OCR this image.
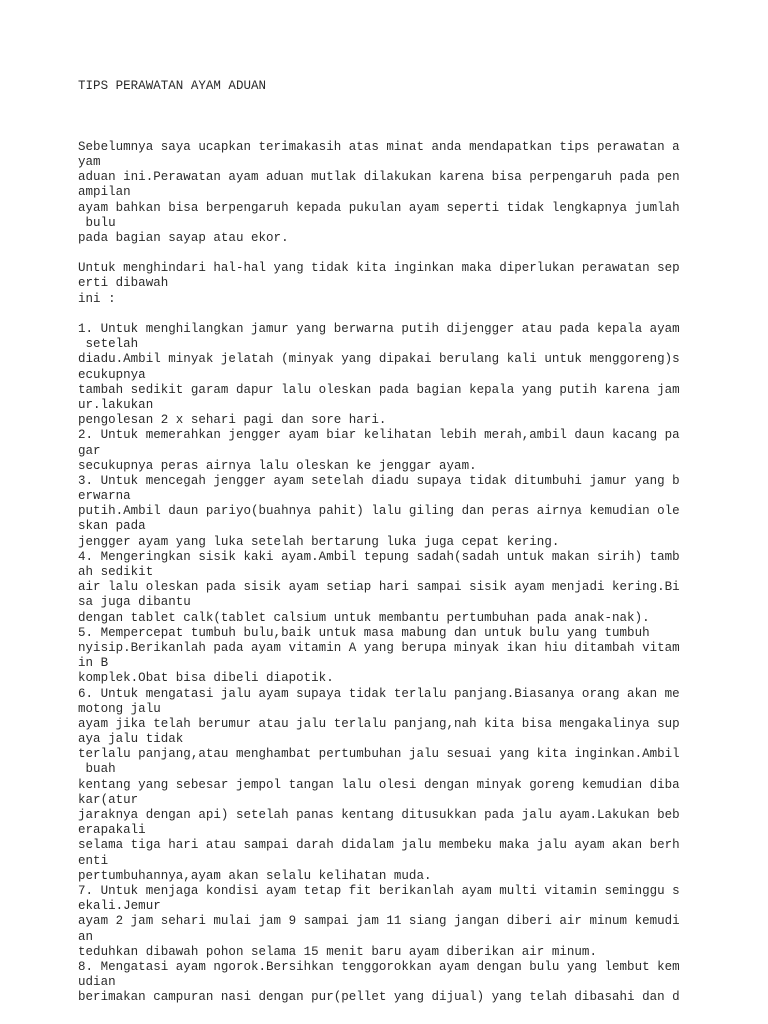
TIPS PERAWATAN AYAM ADUAN
Sebelumnya saya ucapkan terimakasih atas minat anda mendapatkan tips perawatan a
yam
aduan ini.Perawatan ayam aduan mutlak dilakukan karena bisa perpengaruh pada pen
ampilan
ayam bahkan bisa berpengaruh kepada pukulan ayam seperti tidak lengkapnya jumlah
bulu
pada bagian sayap atau ekor.
Untuk menghindari hal-hal yang tidak kita inginkan maka diperlukan perawatan sep
erti dibawah
ini :
1. Untuk menghilangkan jamur yang berwarna putih dijengger atau pada kepala ayam
setelah
diadu.Ambil minyak jelatah (minyak yang dipakai berulang kali untuk menggoreng)s
ecukupnya
tambah sedikit garam dapur lalu oleskan pada bagian kepala yang putih karena jam
ur.lakukan
pengolesan 2 x sehari pagi dan sore hari.
2. Untuk memerahkan jengger ayam biar kelihatan lebih merah,ambil daun kacang pa
gar
secukupnya peras airnya lalu oleskan ke jenggar ayam.
3. Untuk mencegah jengger ayam setelah diadu supaya tidak ditumbuhi jamur yang b
erwarna
putih.Ambil daun pariyo(buahnya pahit) lalu giling dan peras airnya kemudian ole
skan pada
jengger ayam yang luka setelah bertarung luka juga cepat kering.
4. Mengeringkan sisik kaki ayam.Ambil tepung sadah(sadah untuk makan sirih) tamb
ah sedikit
air lalu oleskan pada sisik ayam setiap hari sampai sisik ayam menjadi kering.Bi
sa juga dibantu
dengan tablet calk(tablet calsium untuk membantu pertumbuhan pada anak-nak).
5. Mempercepat tumbuh bulu,baik untuk masa mabung dan untuk bulu yang tumbuh
nyisip.Berikanlah pada ayam vitamin A yang berupa minyak ikan hiu ditambah vitam
in B
komplek.Obat bisa dibeli diapotik.
6. Untuk mengatasi jalu ayam supaya tidak terlalu panjang.Biasanya orang akan me
motong jalu
ayam jika telah berumur atau jalu terlalu panjang,nah kita bisa mengakalinya sup
aya jalu tidak
terlalu panjang,atau menghambat pertumbuhan jalu sesuai yang kita inginkan.Ambil
buah
kentang yang sebesar jempol tangan lalu olesi dengan minyak goreng kemudian diba
kar(atur
jaraknya dengan api) setelah panas kentang ditusukkan pada jalu ayam.Lakukan beb
erapakali
selama tiga hari atau sampai darah didalam jalu membeku maka jalu ayam akan berh
enti
pertumbuhannya,ayam akan selalu kelihatan muda.
7. Untuk menjaga kondisi ayam tetap fit berikanlah ayam multi vitamin seminggu s
ekali.Jemur
ayam 2 jam sehari mulai jam 9 sampai jam 11 siang jangan diberi air minum kemudi
an
teduhkan dibawah pohon selama 15 menit baru ayam diberikan air minum.
8. Mengatasi ayam ngorok.Bersihkan tenggorokkan ayam dengan bulu yang lembut kem
udian
berimakan campuran nasi dengan pur(pellet yang dijual) yang telah dibasahi dan d
